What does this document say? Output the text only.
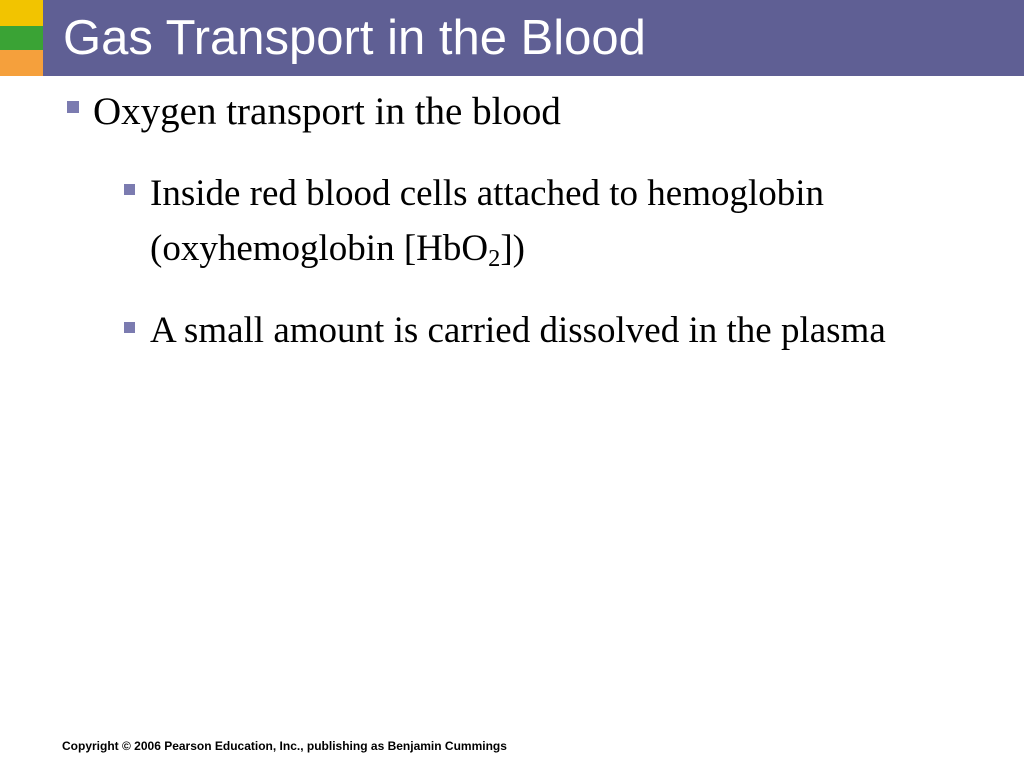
Gas Transport in the Blood
Oxygen transport in the blood
Inside red blood cells attached to hemoglobin (oxyhemoglobin [HbO$_2$])
A small amount is carried dissolved in the plasma
Copyright © 2006 Pearson Education, Inc., publishing as Benjamin Cummings
